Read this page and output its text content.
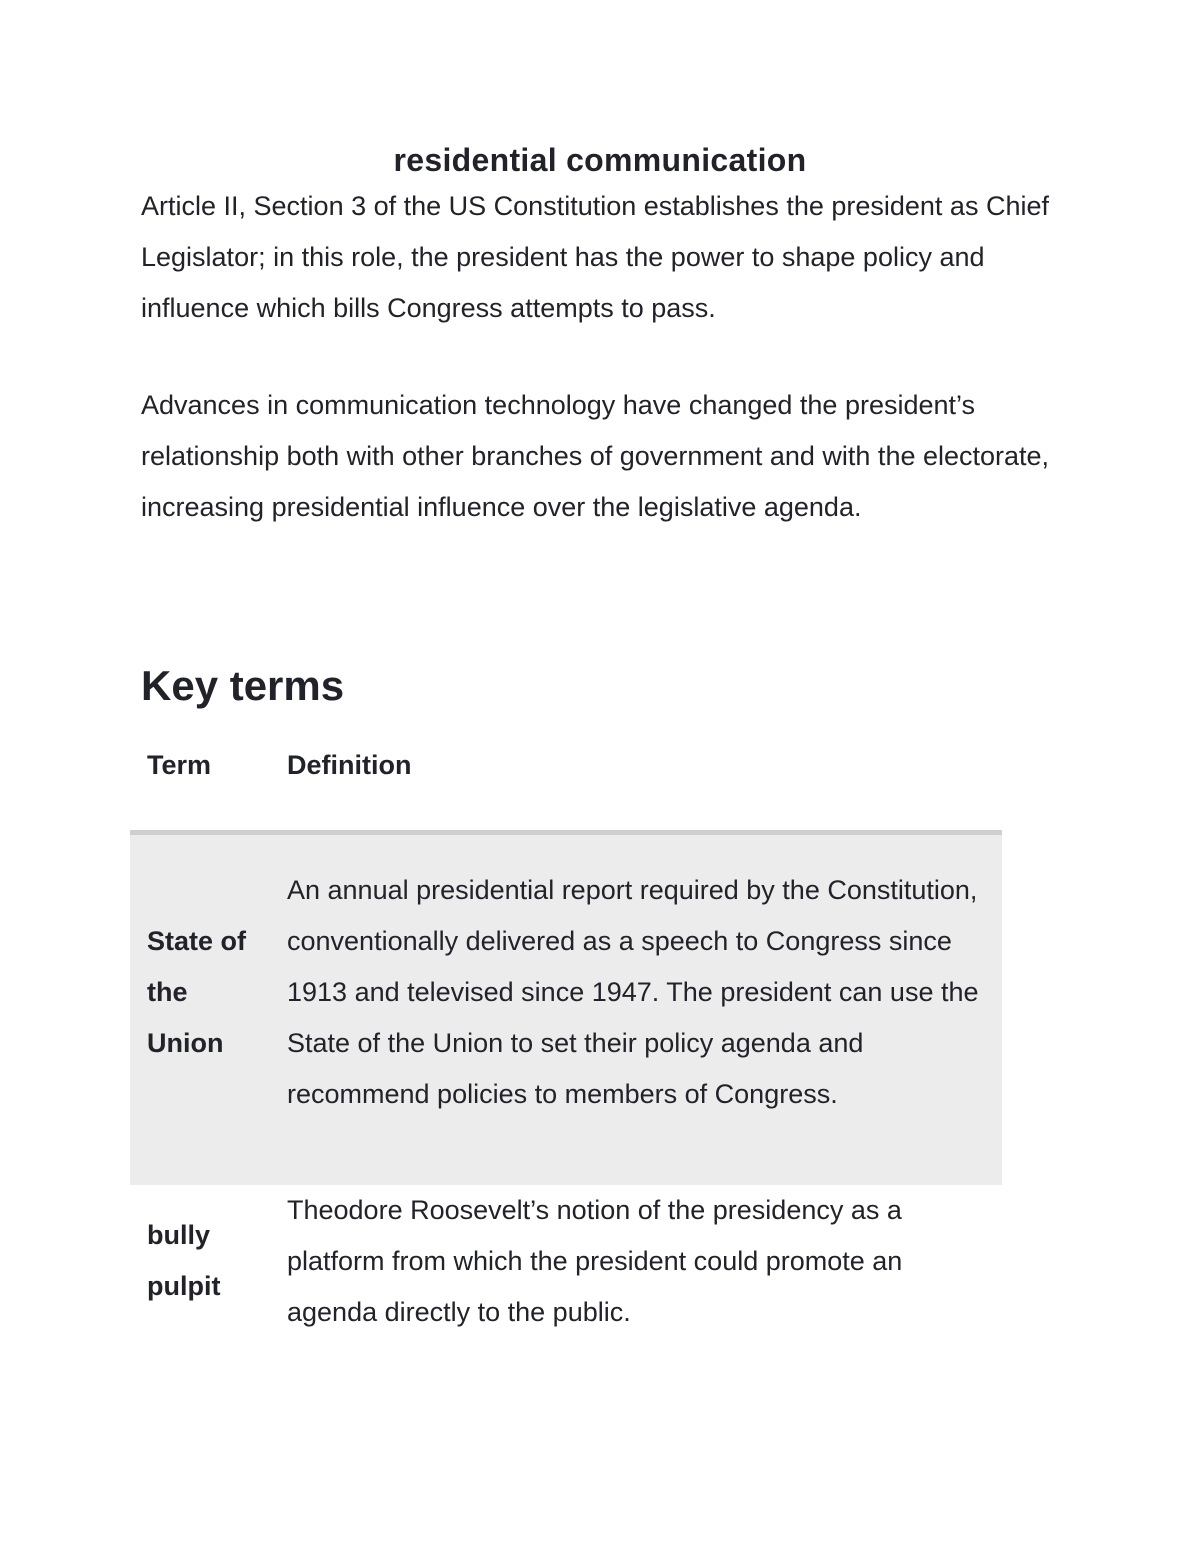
residential communication

Article II, Section 3 of the US Constitution establishes the president as Chief Legislator; in this role, the president has the power to shape policy and influence which bills Congress attempts to pass.

Advances in communication technology have changed the president’s relationship both with other branches of government and with the electorate, increasing presidential influence over the legislative agenda.

Key terms
Term	Definition
State of the Union
An annual presidential report required by the Constitution, conventionally delivered as a speech to Congress since 1913 and televised since 1947. The president can use the State of the Union to set their policy agenda and recommend policies to members of Congress.
bully pulpit
Theodore Roosevelt’s notion of the presidency as a platform from which the president could promote an agenda directly to the public.
